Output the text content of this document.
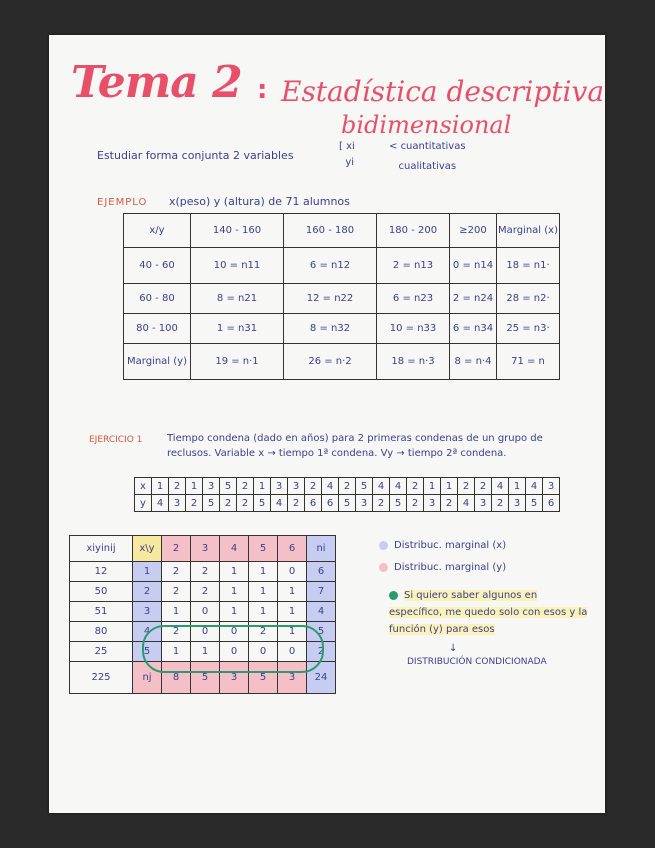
Tema 2 : Estadística descriptiva
bidimensional
Estudiar forma conjunta 2 variables
[ xi
yi
< cuantitativas
cualitativas
EJEMPLO x(peso) y (altura) de 71 alumnos
x/y	140 - 160	160 - 180	180 - 200	≥200	Marginal (x)
40 - 60	10 = n11	6 = n12	2 = n13	0 = n14	18 = n1·
60 - 80	8 = n21	12 = n22	6 = n23	2 = n24	28 = n2·
80 - 100	1 = n31	8 = n32	10 = n33	6 = n34	25 = n3·
Marginal (y)	19 = n·1	26 = n·2	18 = n·3	8 = n·4	71 = n
EJERCICIO 1 Tiempo condena (dado en años) para 2 primeras condenas de un grupo de reclusos. Variable x → tiempo 1ª condena. Vy → tiempo 2ª condena.
x	1	2	1	3	5	2	1	3	3	2	4	2	5	4	4	2	1	1	2	2	4	1	4	3
y	4	3	2	5	2	2	5	4	2	6	6	5	3	2	5	2	3	2	4	3	2	3	5	6
xiyinij	x\y	2	3	4	5	6	ni
12	1	2	2	1	1	0	6
50	2	2	2	1	1	1	7
51	3	1	0	1	1	1	4
80	4	2	0	0	2	1	5
25	5	1	1	0	0	0	2
225	nj	8	5	3	5	3	24
Distribuc. marginal (x)
Distribuc. marginal (y)
Si quiero saber algunos en específico, me quedo solo con esos y la función (y) para esos
↓
DISTRIBUCIÓN CONDICIONADA
